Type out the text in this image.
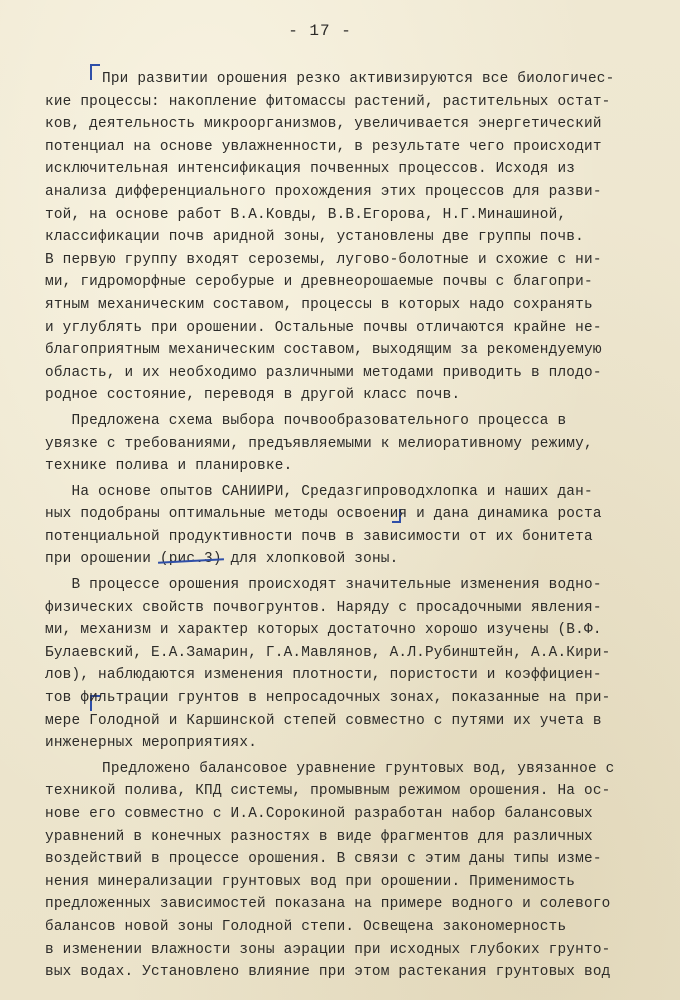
- 17 -
При развитии орошения резко активизируются все биологичес-
кие процессы: накопление фитомассы растений, растительных остат-
ков, деятельность микроорганизмов, увеличивается энергетический
потенциал на основе увлажненности, в результате чего происходит
исключительная интенсификация почвенных процессов. Исходя из
анализа дифференциального прохождения этих процессов для разви-
той, на основе работ В.А.Ковды, В.В.Егорова, Н.Г.Минашиной,
классификации почв аридной зоны, установлены две группы почв.
В первую группу входят сероземы, лугово-болотные и схожие с ни-
ми, гидроморфные серобурые и древнеорошаемые почвы с благопри-
ятным механическим составом, процессы в которых надо сохранять
и углублять при орошении. Остальные почвы отличаются крайне не-
благоприятным механическим составом, выходящим за рекомендуемую
область, и их необходимо различными методами приводить в плодо-
родное состояние, переводя в другой класс почв.
Предложена схема выбора почвообразовательного процесса в
увязке с требованиями, предъявляемыми к мелиоративному режиму,
технике полива и планировке.
На основе опытов САНИИРИ, Средазгипроводхлопка и наших дан-
ных подобраны оптимальные методы освоения и дана динамика роста
потенциальной продуктивности почв в зависимости от их бонитета
при орошении (рис.3) для хлопковой зоны.
В процессе орошения происходят значительные изменения водно-
физических свойств почвогрунтов. Наряду с просадочными явления-
ми, механизм и характер которых достаточно хорошо изучены (В.Ф.
Булаевский, Е.А.Замарин, Г.А.Мавлянов, А.Л.Рубинштейн, А.А.Кири-
лов), наблюдаются изменения плотности, пористости и коэффициен-
тов фильтрации грунтов в непросадочных зонах, показанные на при-
мере Голодной и Каршинской степей совместно с путями их учета в
инженерных мероприятиях.
Предложено балансовое уравнение грунтовых вод, увязанное с
техникой полива, КПД системы, промывным режимом орошения. На ос-
нове его совместно с И.А.Сорокиной разработан набор балансовых
уравнений в конечных разностях в виде фрагментов для различных
воздействий в процессе орошения. В связи с этим даны типы изме-
нения минерализации грунтовых вод при орошении. Применимость
предложенных зависимостей показана на примере водного и солевого
балансов новой зоны Голодной степи. Освещена закономерность
в изменении влажности зоны аэрации при исходных глубоких грунто-
вых водах. Установлено влияние при этом растекания грунтовых вод
